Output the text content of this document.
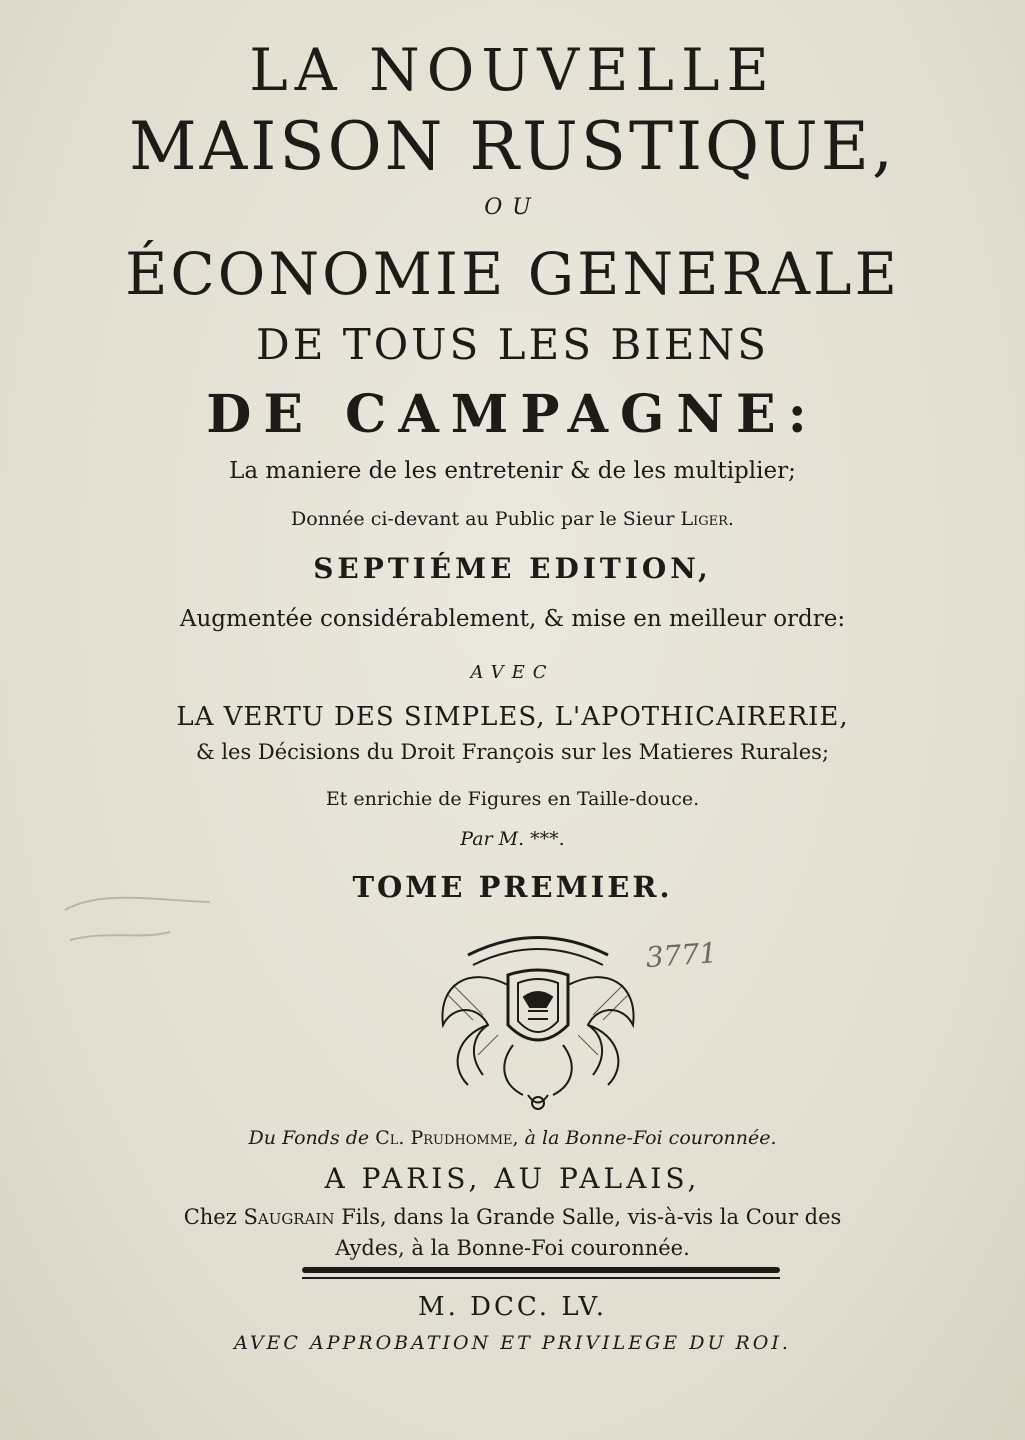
LA NOUVELLE
MAISON RUSTIQUE,
OU
ÉCONOMIE GENERALE
DE TOUS LES BIENS
DE CAMPAGNE:
La maniere de les entretenir & de les multiplier;
Donnée ci-devant au Public par le Sieur Liger.
SEPTIÉME EDITION,
Augmentée considérablement, & mise en meilleur ordre:
AVEC
LA VERTU DES SIMPLES, L'APOTHICAIRERIE,
& les Décisions du Droit François sur les Matieres Rurales;
Et enrichie de Figures en Taille-douce.
Par M. ***.
TOME PREMIER.
3771
Du Fonds de Cl. Prudhomme, à la Bonne-Foi couronnée.
A PARIS, AU PALAIS,
Chez Saugrain Fils, dans la Grande Salle, vis-à-vis la Cour des
Aydes, à la Bonne-Foi couronnée.
M. DCC. LV.
AVEC APPROBATION ET PRIVILEGE DU ROI.
